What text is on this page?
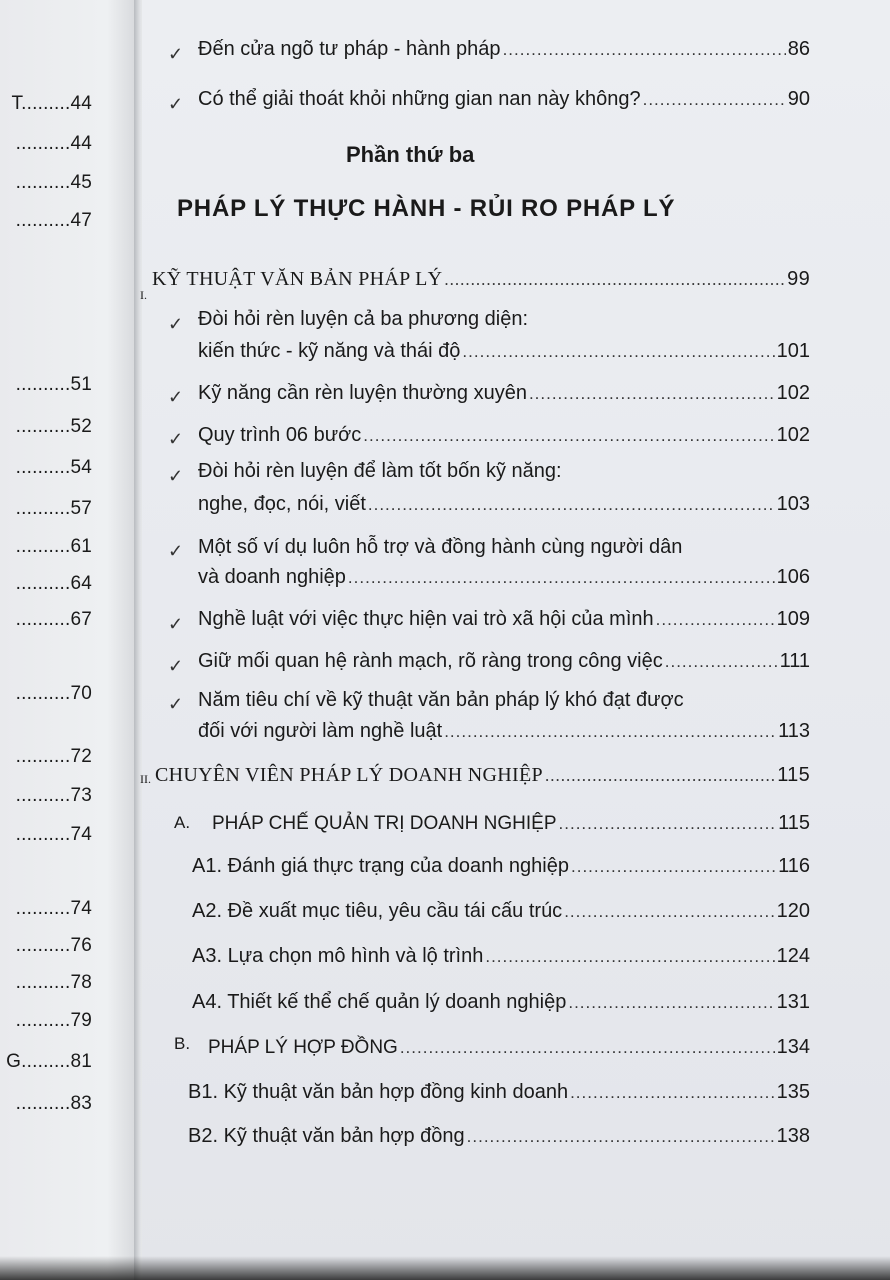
T.........44
..........44
..........45
..........47
..........51
..........52
..........54
..........57
..........61
..........64
..........67
..........70
..........72
..........73
..........74
..........74
..........76
..........78
..........79
G.........81
..........83
✓ Đến cửa ngõ tư pháp - hành pháp .....	86
✓ Có thể giải thoát khỏi những gian nan này không? .....	90
Phần thứ ba
PHÁP LÝ THỰC HÀNH - RỦI RO PHÁP LÝ
I.
KỸ THUẬT VĂN BẢN PHÁP LÝ .....	99
✓ Đòi hỏi rèn luyện cả ba phương diện:
kiến thức - kỹ năng và thái độ .....	101
✓ Kỹ năng cần rèn luyện thường xuyên .....	102
✓ Quy trình 06 bước .....	102
✓ Đòi hỏi rèn luyện để làm tốt bốn kỹ năng:
nghe, đọc, nói, viết .....	103
✓ Một số ví dụ luôn hỗ trợ và đồng hành cùng người dân
và doanh nghiệp .....	106
✓ Nghề luật với việc thực hiện vai trò xã hội của mình .....	109
✓ Giữ mối quan hệ rành mạch, rõ ràng trong công việc .....	111
✓ Năm tiêu chí về kỹ thuật văn bản pháp lý khó đạt được
đối với người làm nghề luật .....	113
II. CHUYÊN VIÊN PHÁP LÝ DOANH NGHIỆP .....	115
A. PHÁP CHẾ QUẢN TRỊ DOANH NGHIỆP .....	115
A1. Đánh giá thực trạng của doanh nghiệp .....	116
A2. Đề xuất mục tiêu, yêu cầu tái cấu trúc .....	120
A3. Lựa chọn mô hình và lộ trình .....	124
A4. Thiết kế thể chế quản lý doanh nghiệp .....	131
B. PHÁP LÝ HỢP ĐỒNG .....	134
B1. Kỹ thuật văn bản hợp đồng kinh doanh .....	135
B2. Kỹ thuật văn bản hợp đồng .....	138
